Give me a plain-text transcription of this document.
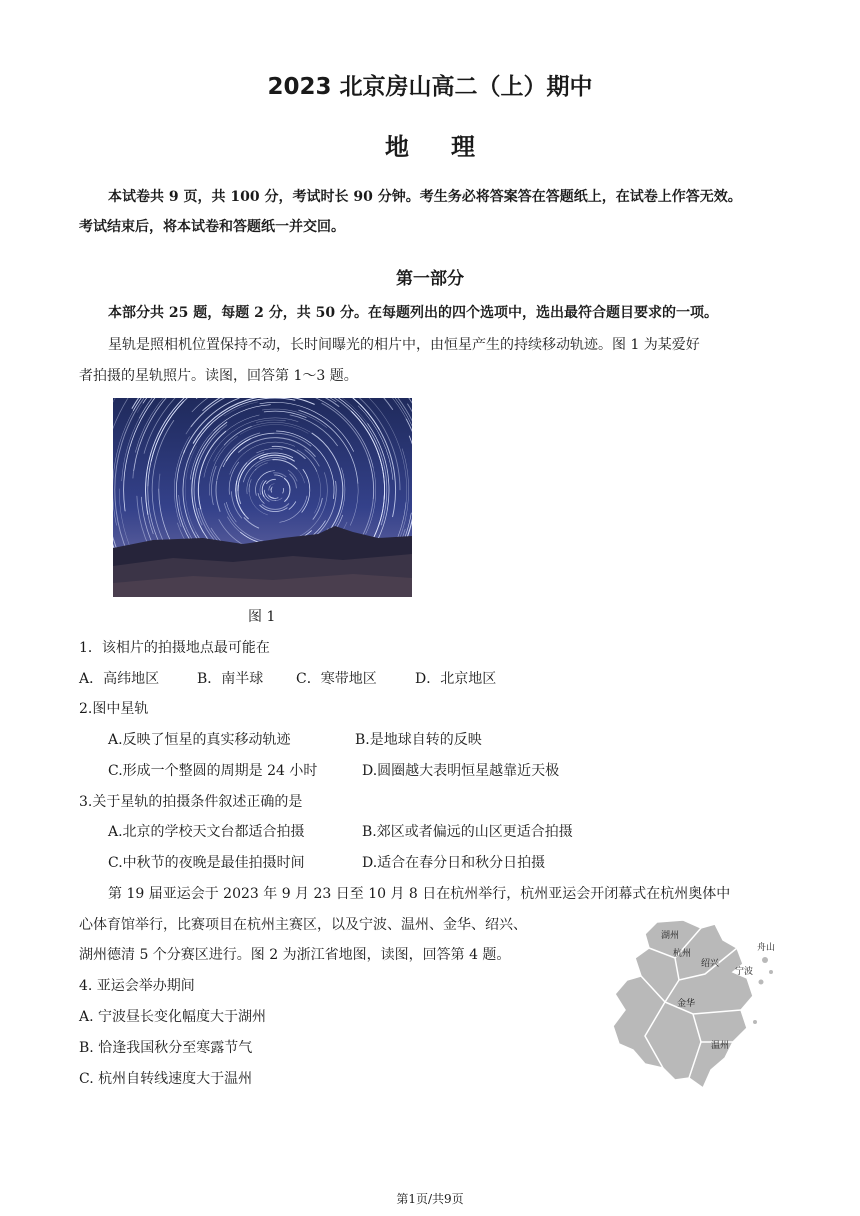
2023 北京房山高二（上）期中
地理
本试卷共 9 页，共 100 分，考试时长 90 分钟。考生务必将答案答在答题纸上，在试卷上作答无效。
考试结束后，将本试卷和答题纸一并交回。
第一部分
本部分共 25 题，每题 2 分，共 50 分。在每题列出的四个选项中，选出最符合题目要求的一项。
星轨是照相机位置保持不动，长时间曝光的相片中，由恒星产生的持续移动轨迹。图 1 为某爱好
者拍摄的星轨照片。读图，回答第 1～3 题。
图 1
1．该相片的拍摄地点最可能在
A．高纬地区	B．南半球 C．寒带地区	D．北京地区
2.图中星轨
A.反映了恒星的真实移动轨迹	B.是地球自转的反映
C.形成一个整圆的周期是 24 小时	D.圆圈越大表明恒星越靠近天极
3.关于星轨的拍摄条件叙述正确的是
A.北京的学校天文台都适合拍摄	B.郊区或者偏远的山区更适合拍摄
C.中秋节的夜晚是最佳拍摄时间	D.适合在春分日和秋分日拍摄
第 19 届亚运会于 2023 年 9 月 23 日至 10 月 8 日在杭州举行，杭州亚运会开闭幕式在杭州奥体中
心体育馆举行，比赛项目在杭州主赛区，以及宁波、温州、金华、绍兴、
湖州德清 5 个分赛区进行。图 2 为浙江省地图，读图，回答第 4 题。
湖州
杭州
绍兴
宁波
舟山
金华
温州
4. 亚运会举办期间
A. 宁波昼长变化幅度大于湖州
B. 恰逢我国秋分至寒露节气
C. 杭州自转线速度大于温州
第1页/共9页
